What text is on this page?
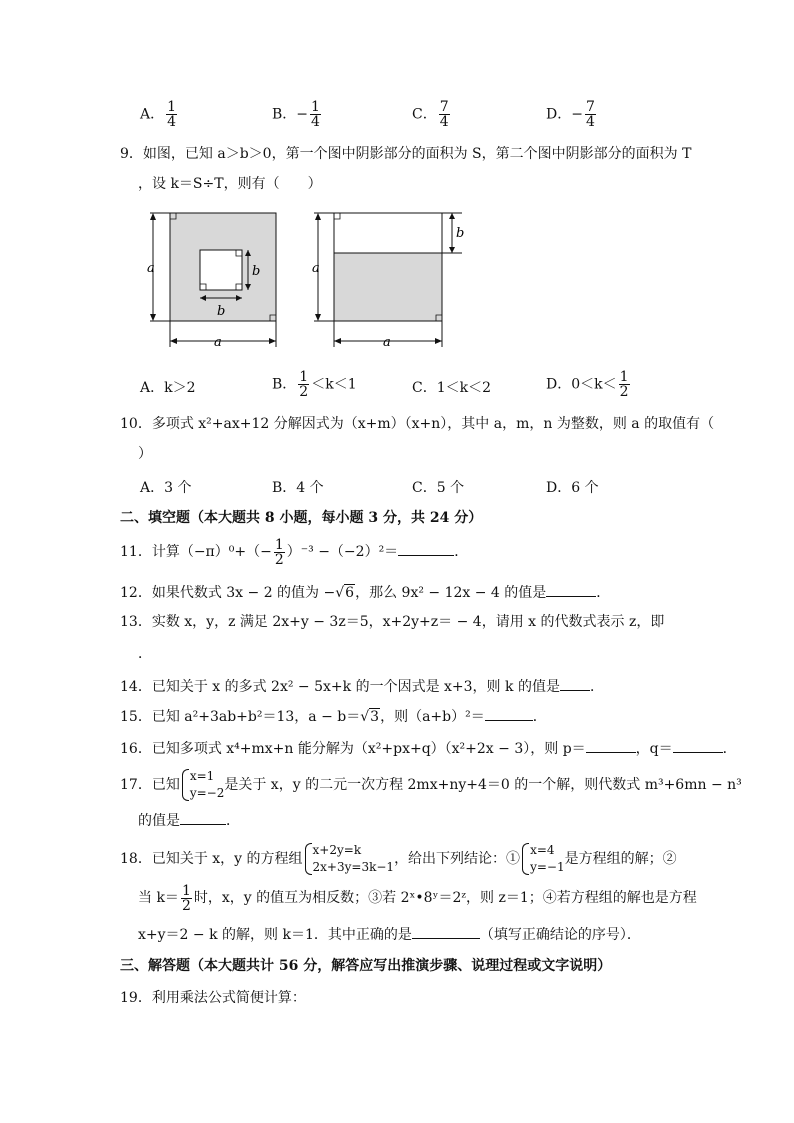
A． $\frac{1}{4}$	B．− $\frac{1}{4}$	C． $\frac{7}{4}$	D．− $\frac{7}{4}$
9．如图，已知 a＞b＞0，第一个图中阴影部分的面积为 S，第二个图中阴影部分的面积为 T
，设 k＝S÷T，则有（　　）
a	b
b
a
a
b
a
A．k＞2	B． $\frac{1}{2} <k<1$	C．1＜k＜2	D．$0<k< \frac{1}{2}$
10．多项式 x²+ax+12 分解因式为（x+m）（x+n），其中 a，m，n 为整数，则 a 的取值有（
）
A．3 个	B．4 个	C．5 个	D．6 个
二、填空题（本大题共 8 小题，每小题 3 分，共 24 分）
11．计算$(-\pi)^0+(- \frac{1}{2} )^{-3} -(-2)^2=$	．
12．如果代数式 3x − 2 的值为 −√6，那么 9x² − 12x − 4 的值是	．
13．实数 x，y，z 满足 2x+y − 3z＝5，x+2y+z＝ − 4，请用 x 的代数式表示 z，即
．
14．已知关于 x 的多式 2x² − 5x+k 的一个因式是 x+3，则 k 的值是 ．
15．已知 a²+3ab+b²＝13，a − b＝√3，则（a+b）²＝	．
16．已知多项式 x⁴+mx+n 能分解为（x²+px+q）（x²+2x − 3），则 p＝	，q＝	．
17．已知
x=1
y=−2 是关于 x，y 的二元一次方程 2mx+ny+4＝0 的一个解，则代数式 m³+6mn − n³
的值是	．
18．已知关于 x，y 的方程组
x+2y=k
2x+3y=3k−1 ，给出下列结论：①
x=4
y=−1 是方程组的解；②
当 $k= \frac{1}{2}$ 时，x，y 的值互为相反数；③若 2ˣ•8ʸ＝2ᶻ，则 z＝1；④若方程组的解也是方程
x+y＝2 − k 的解，则 k＝1．其中正确的是	（填写正确结论的序号）．
三、解答题（本大题共计 56 分，解答应写出推演步骤、说理过程或文字说明）
19．利用乘法公式简便计算：
